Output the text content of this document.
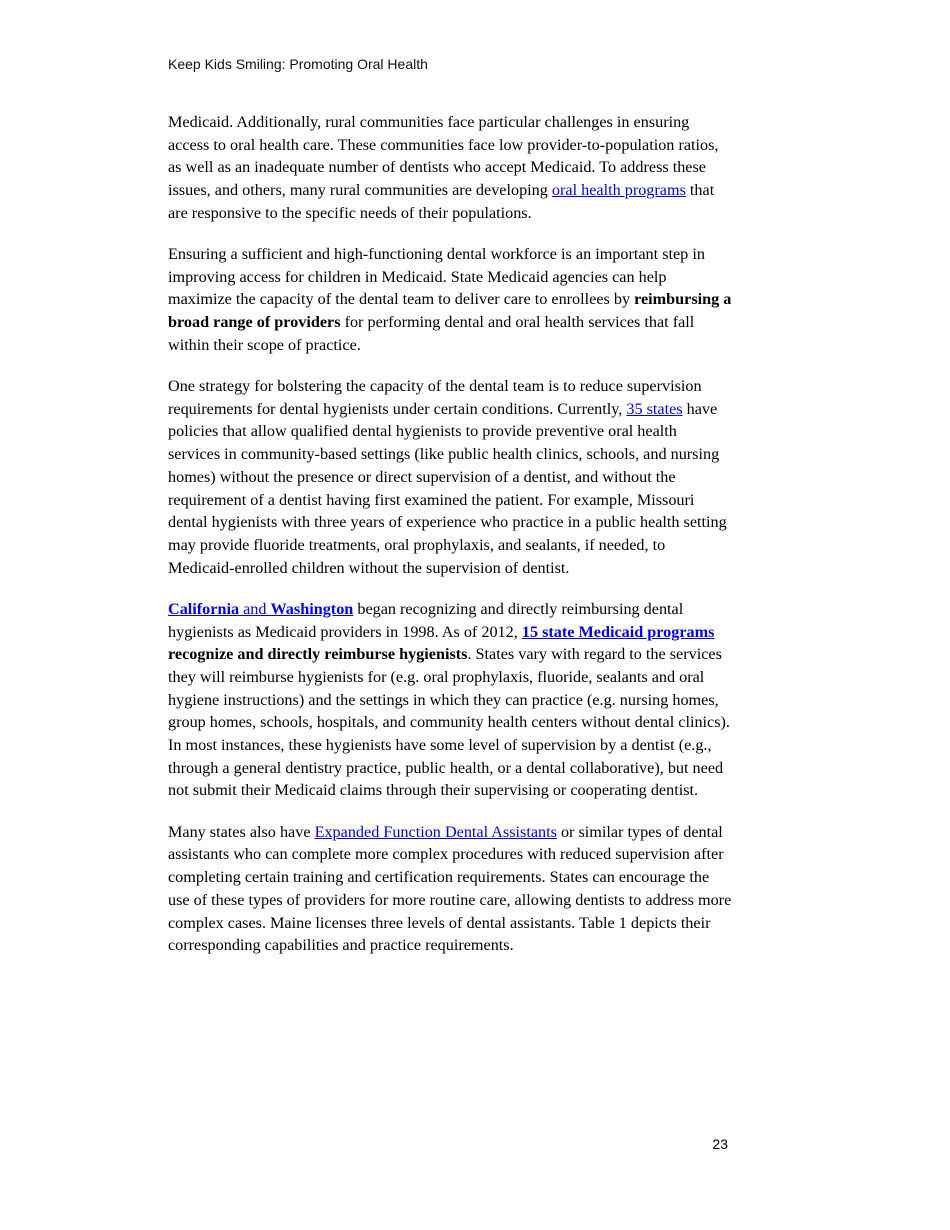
Keep Kids Smiling: Promoting Oral Health

Medicaid. Additionally, rural communities face particular challenges in ensuring access to oral health care. These communities face low provider-to-population ratios, as well as an inadequate number of dentists who accept Medicaid. To address these issues, and others, many rural communities are developing oral health programs that are responsive to the specific needs of their populations.

Ensuring a sufficient and high-functioning dental workforce is an important step in improving access for children in Medicaid. State Medicaid agencies can help maximize the capacity of the dental team to deliver care to enrollees by reimbursing a broad range of providers for performing dental and oral health services that fall within their scope of practice.

One strategy for bolstering the capacity of the dental team is to reduce supervision requirements for dental hygienists under certain conditions. Currently, 35 states have policies that allow qualified dental hygienists to provide preventive oral health services in community-based settings (like public health clinics, schools, and nursing homes) without the presence or direct supervision of a dentist, and without the requirement of a dentist having first examined the patient. For example, Missouri dental hygienists with three years of experience who practice in a public health setting may provide fluoride treatments, oral prophylaxis, and sealants, if needed, to Medicaid-enrolled children without the supervision of dentist.

California and Washington began recognizing and directly reimbursing dental hygienists as Medicaid providers in 1998. As of 2012, 15 state Medicaid programs recognize and directly reimburse hygienists. States vary with regard to the services they will reimburse hygienists for (e.g. oral prophylaxis, fluoride, sealants and oral hygiene instructions) and the settings in which they can practice (e.g. nursing homes, group homes, schools, hospitals, and community health centers without dental clinics). In most instances, these hygienists have some level of supervision by a dentist (e.g., through a general dentistry practice, public health, or a dental collaborative), but need not submit their Medicaid claims through their supervising or cooperating dentist.

Many states also have Expanded Function Dental Assistants or similar types of dental assistants who can complete more complex procedures with reduced supervision after completing certain training and certification requirements. States can encourage the use of these types of providers for more routine care, allowing dentists to address more complex cases. Maine licenses three levels of dental assistants. Table 1 depicts their corresponding capabilities and practice requirements.

23
